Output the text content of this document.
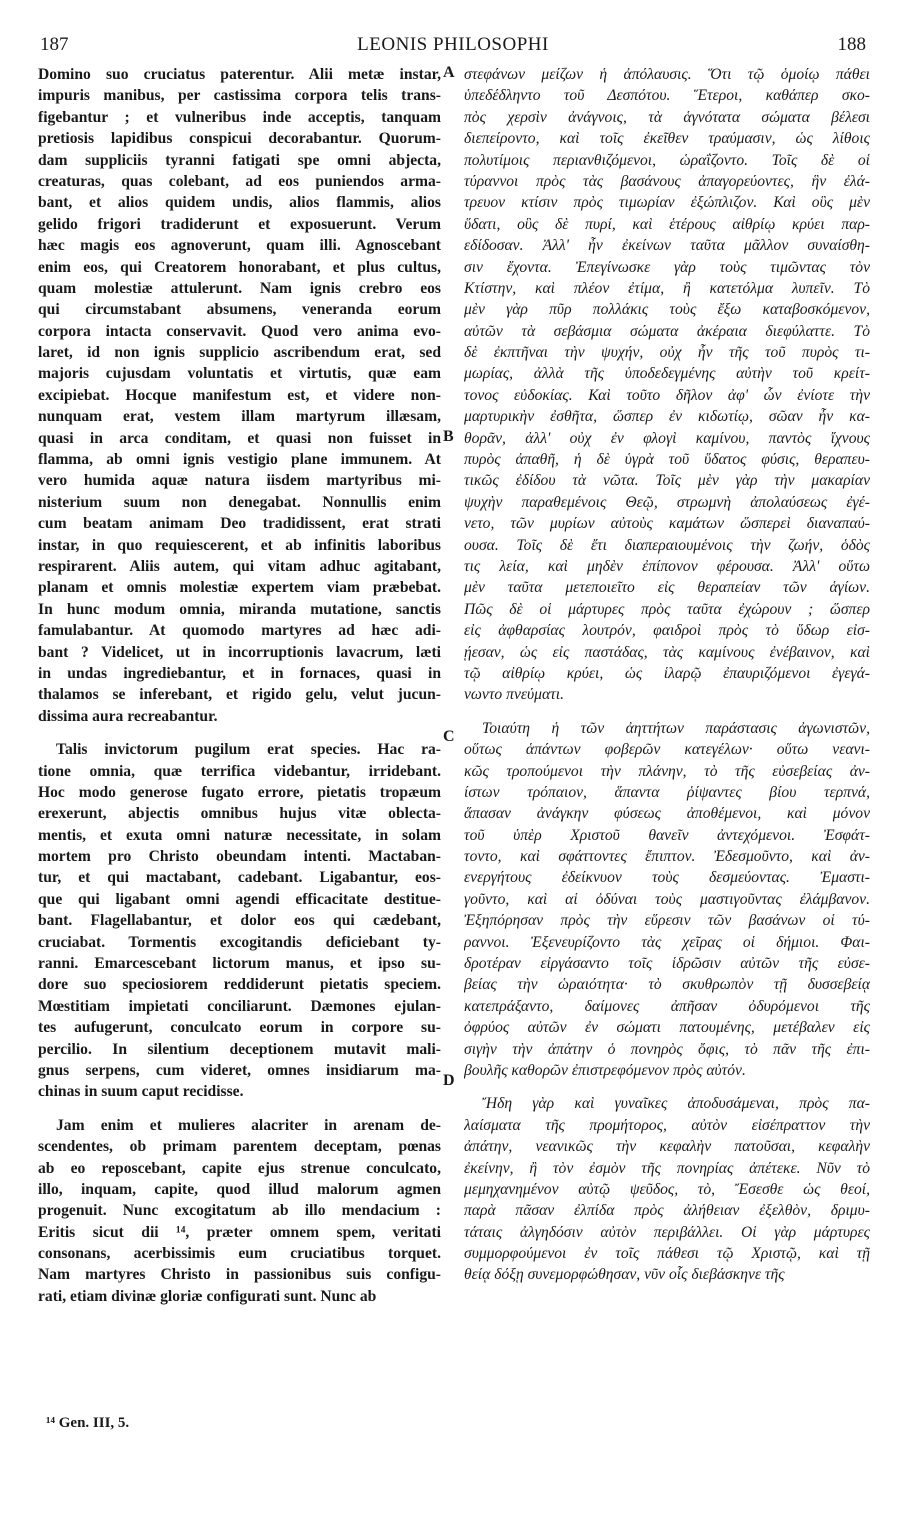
187	LEONIS PHILOSOPHI	188
Domino suo cruciatus paterentur. Alii metæ instar,
impuris manibus, per castissima corpora telis trans-
figebantur ; et vulneribus inde acceptis, tanquam
pretiosis lapidibus conspicui decorabantur. Quorum-
dam suppliciis tyranni fatigati spe omni abjecta,
creaturas, quas colebant, ad eos puniendos arma-
bant, et alios quidem undis, alios flammis, alios
gelido frigori tradiderunt et exposuerunt. Verum
hæc magis eos agnoverunt, quam illi. Agnoscebant
enim eos, qui Creatorem honorabant, et plus cultus,
quam molestiæ attulerunt. Nam ignis crebro eos
qui circumstabant absumens, veneranda eorum
corpora intacta conservavit. Quod vero anima evo-
laret, id non ignis supplicio ascribendum erat, sed
majoris cujusdam voluntatis et virtutis, quæ eam
excipiebat. Hocque manifestum est, et videre non-
nunquam erat, vestem illam martyrum illæsam,
quasi in arca conditam, et quasi non fuisset in
flamma, ab omni ignis vestigio plane immunem. At
vero humida aquæ natura iisdem martyribus mi-
nisterium suum non denegabat. Nonnullis enim
cum beatam animam Deo tradidissent, erat strati
instar, in quo requiescerent, et ab infinitis laboribus
respirarent. Aliis autem, qui vitam adhuc agitabant,
planam et omnis molestiæ expertem viam præbebat.
In hunc modum omnia, miranda mutatione, sanctis
famulabantur. At quomodo martyres ad hæc adi-
bant ? Videlicet, ut in incorruptionis lavacrum, læti
in undas ingrediebantur, et in fornaces, quasi in
thalamos se inferebant, et rigido gelu, velut jucun-
dissima aura recreabantur.
Talis invictorum pugilum erat species. Hac ra-
tione omnia, quæ terrifica videbantur, irridebant.
Hoc modo generose fugato errore, pietatis tropæum
erexerunt, abjectis omnibus hujus vitæ oblecta-
mentis, et exuta omni naturæ necessitate, in solam
mortem pro Christo obeundam intenti. Mactaban-
tur, et qui mactabant, cadebant. Ligabantur, eos-
que qui ligabant omni agendi efficacitate destitue-
bant. Flagellabantur, et dolor eos qui cædebant,
cruciabat. Tormentis excogitandis deficiebant ty-
ranni. Emarcescebant lictorum manus, et ipso su-
dore suo speciosiorem reddiderunt pietatis speciem.
Mœstitiam impietati conciliarunt. Dæmones ejulan-
tes aufugerunt, conculcato eorum in corpore su-
percilio. In silentium deceptionem mutavit mali-
gnus serpens, cum videret, omnes insidiarum ma-
chinas in suum caput recidisse.
Jam enim et mulieres alacriter in arenam de-
scendentes, ob primam parentem deceptam, pœnas
ab eo reposcebant, capite ejus strenue conculcato,
illo, inquam, capite, quod illud malorum agmen
progenuit. Nunc excogitatum ab illo mendacium :
Eritis sicut dii ¹⁴, præter omnem spem, veritati
consonans, acerbissimis eum cruciatibus torquet.
Nam martyres Christo in passionibus suis configu-
rati, etiam divinæ gloriæ configurati sunt. Nunc ab
στεφάνων μείζων ἡ ἀπόλαυσις. Ὅτι τῷ ὁμοίῳ πάθει
ὑπεδέδληντο τοῦ Δεσπότου. Ἕτεροι, καθάπερ σκο-
πὸς χερσὶν ἀνάγνοις, τὰ ἁγνότατα σώματα βέλεσι
διεπείροντο, καὶ τοῖς ἐκεῖθεν τραύμασιν, ὡς λίθοις
πολυτίμοις περιανθιζόμενοι, ὡραΐζοντο. Τοῖς δὲ οἱ
τύραννοι πρὸς τὰς βασάνους ἀπαγορεύοντες, ἣν ἐλά-
τρευον κτίσιν πρὸς τιμωρίαν ἐξώπλιζον. Καὶ οὓς μὲν
ὕδατι, οὓς δὲ πυρί, καὶ ἑτέρους αἰθρίῳ κρύει παρ-
εδίδοσαν. Ἀλλ' ἦν ἐκείνων ταῦτα μᾶλλον συναίσθη-
σιν ἔχοντα. Ἐπεγίνωσκε γὰρ τοὺς τιμῶντας τὸν
Κτίστην, καὶ πλέον ἐτίμα, ἢ κατετόλμα λυπεῖν. Τὸ
μὲν γὰρ πῦρ πολλάκις τοὺς ἔξω καταβοσκόμενον,
αὐτῶν τὰ σεβάσμια σώματα ἀκέραια διεφύλαττε. Τὸ
δὲ ἐκπτῆναι τὴν ψυχήν, οὐχ ἦν τῆς τοῦ πυρὸς τι-
μωρίας, ἀλλὰ τῆς ὑποδεδεγμένης αὐτὴν τοῦ κρείτ-
τονος εὐδοκίας. Καὶ τοῦτο δῆλον ἀφ' ὧν ἐνίοτε τὴν
μαρτυρικὴν ἐσθῆτα, ὥσπερ ἐν κιδωτίῳ, σῶαν ἦν κα-
θορᾶν, ἀλλ' οὐχ ἐν φλογὶ καμίνου, παντὸς ἴχνους
πυρὸς ἀπαθῆ, ἡ δὲ ὑγρὰ τοῦ ὕδατος φύσις, θεραπευ-
τικῶς ἐδίδου τὰ νῶτα. Τοῖς μὲν γὰρ τὴν μακαρίαν
ψυχὴν παραθεμένοις Θεῷ, στρωμνὴ ἀπολαύσεως ἐγέ-
νετο, τῶν μυρίων αὐτοὺς καμάτων ὥσπερεὶ διαναπαύ-
ουσα. Τοῖς δὲ ἔτι διαπεραιουμένοις τὴν ζωήν, ὁδὸς
τις λεία, καὶ μηδὲν ἐπίπονον φέρουσα. Ἀλλ' οὕτω
μὲν ταῦτα μετεποιεῖτο εἰς θεραπείαν τῶν ἁγίων.
Πῶς δὲ οἱ μάρτυρες πρὸς ταῦτα ἐχώρουν ; ὥσπερ
εἰς ἀφθαρσίας λουτρόν, φαιδροὶ πρὸς τὸ ὕδωρ εἰσ-
ῄεσαν, ὡς εἰς παστάδας, τὰς καμίνους ἐνέβαινον, καὶ
τῷ αἰθρίῳ κρύει, ὡς ἱλαρῷ ἐπαυριζόμενοι ἐγεγά-
νωντο πνεύματι.
Τοιαύτη ἡ τῶν ἀηττήτων παράστασις ἀγωνιστῶν,
οὕτως ἁπάντων φοβερῶν κατεγέλων· οὕτω νεανι-
κῶς τροπούμενοι τὴν πλάνην, τὸ τῆς εὐσεβείας ἀν-
ίστων τρόπαιον, ἅπαντα ῥίψαντες βίου τερπνά,
ἅπασαν ἀνάγκην φύσεως ἀποθέμενοι, καὶ μόνον
τοῦ ὑπὲρ Χριστοῦ θανεῖν ἀντεχόμενοι. Ἐσφάτ-
τοντο, καὶ σφάττοντες ἔπιπτον. Ἐδεσμοῦντο, καὶ ἀν-
ενεργήτους ἐδείκνυον τοὺς δεσμεύοντας. Ἐμαστι-
γοῦντο, καὶ αἱ ὀδύναι τοὺς μαστιγοῦντας ἐλάμβανον.
Ἐξηπόρησαν πρὸς τὴν εὕρεσιν τῶν βασάνων οἱ τύ-
ραννοι. Ἐξενευρίζοντο τὰς χεῖρας οἱ δήμιοι. Φαι-
δροτέραν εἰργάσαντο τοῖς ἱδρῶσιν αὐτῶν τῆς εὐσε-
βείας τὴν ὡραιότητα· τὸ σκυθρωπὸν τῇ δυσσεβείᾳ
κατεπράξαντο, δαίμονες ἀπῆσαν ὀδυρόμενοι τῆς
ὀφρύος αὐτῶν ἐν σώματι πατουμένης, μετέβαλεν εἰς
σιγὴν τὴν ἀπάτην ὁ πονηρὸς ὄφις, τὸ πᾶν τῆς ἐπι-
βουλῆς καθορῶν ἐπιστρεφόμενον πρὸς αὐτόν.
Ἤδη γὰρ καὶ γυναῖκες ἀποδυσάμεναι, πρὸς πα-
λαίσματα τῆς προμήτορος, αὐτὸν εἰσέπραττον τὴν
ἀπάτην, νεανικῶς τὴν κεφαλὴν πατοῦσαι, κεφαλὴν
ἐκείνην, ἢ τὸν ἐσμὸν τῆς πονηρίας ἀπέτεκε. Νῦν τὸ
μεμηχανημένον αὐτῷ ψεῦδος, τὸ, Ἔσεσθε ὡς θεοί,
παρὰ πᾶσαν ἐλπίδα πρὸς ἀλήθειαν ἐξελθὸν, δριμυ-
τάταις ἀλγηδόσιν αὐτὸν περιβάλλει. Οἱ γὰρ μάρτυρες
συμμορφούμενοι ἐν τοῖς πάθεσι τῷ Χριστῷ, καὶ τῇ
θείᾳ δόξῃ συνεμορφώθησαν, νῦν οἷς διεβάσκηνε τῆς
A
B
C
D
¹⁴ Gen. III, 5.
